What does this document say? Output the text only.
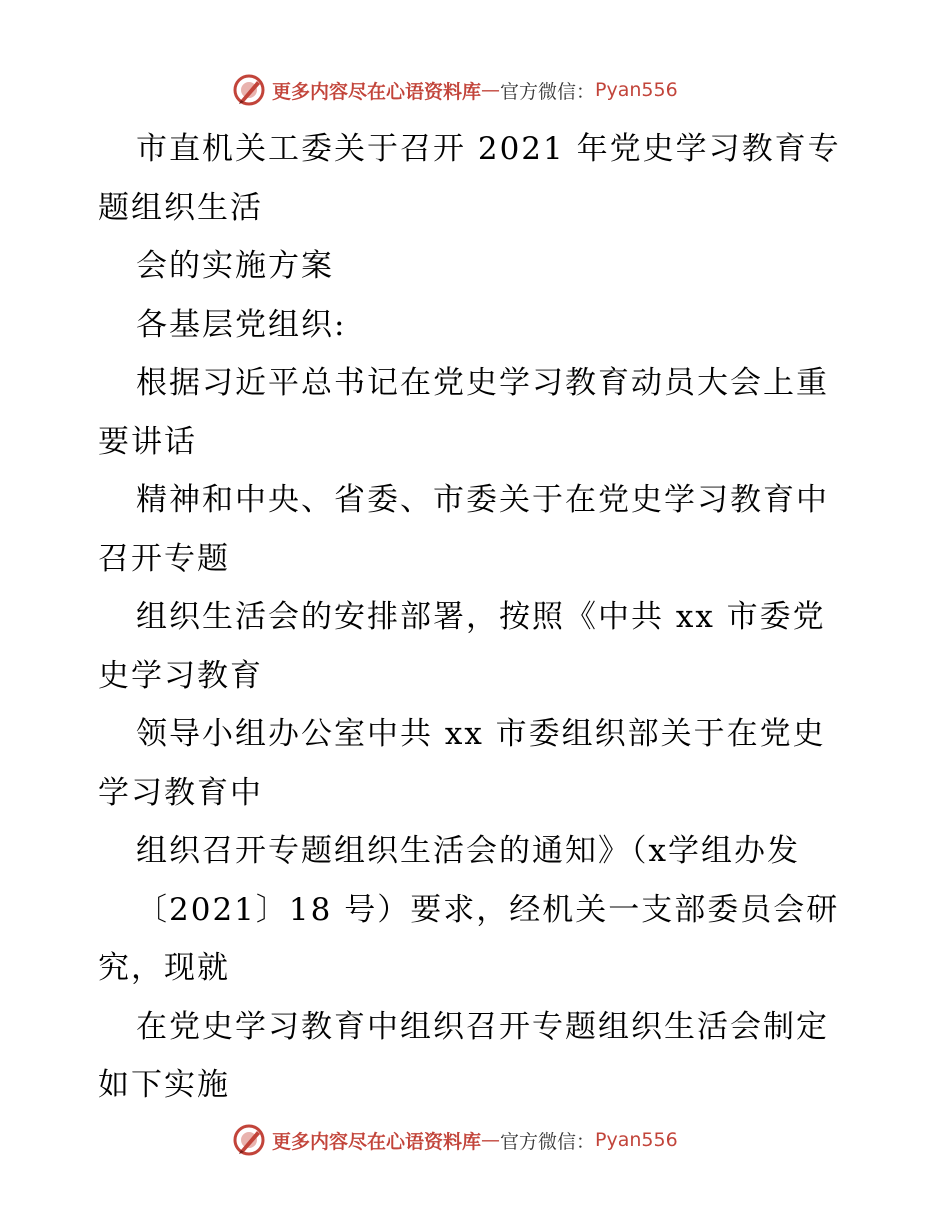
更多内容尽在心语资料库 — 官方微信： Pyan556
市直机关工委关于召开 2021 年党史学习教育专
题组织生活
会的实施方案
各基层党组织:
根据习近平总书记在党史学习教育动员大会上重
要讲话
精神和中央、省委、市委关于在党史学习教育中
召开专题
组织生活会的安排部署，按照《中共 xx 市委党
史学习教育
领导小组办公室中共 xx 市委组织部关于在党史
学习教育中
组织召开专题组织生活会的通知》（x学组办发
〔2021〕18 号）要求，经机关一支部委员会研
究，现就
在党史学习教育中组织召开专题组织生活会制定
如下实施
更多内容尽在心语资料库 — 官方微信： Pyan556
